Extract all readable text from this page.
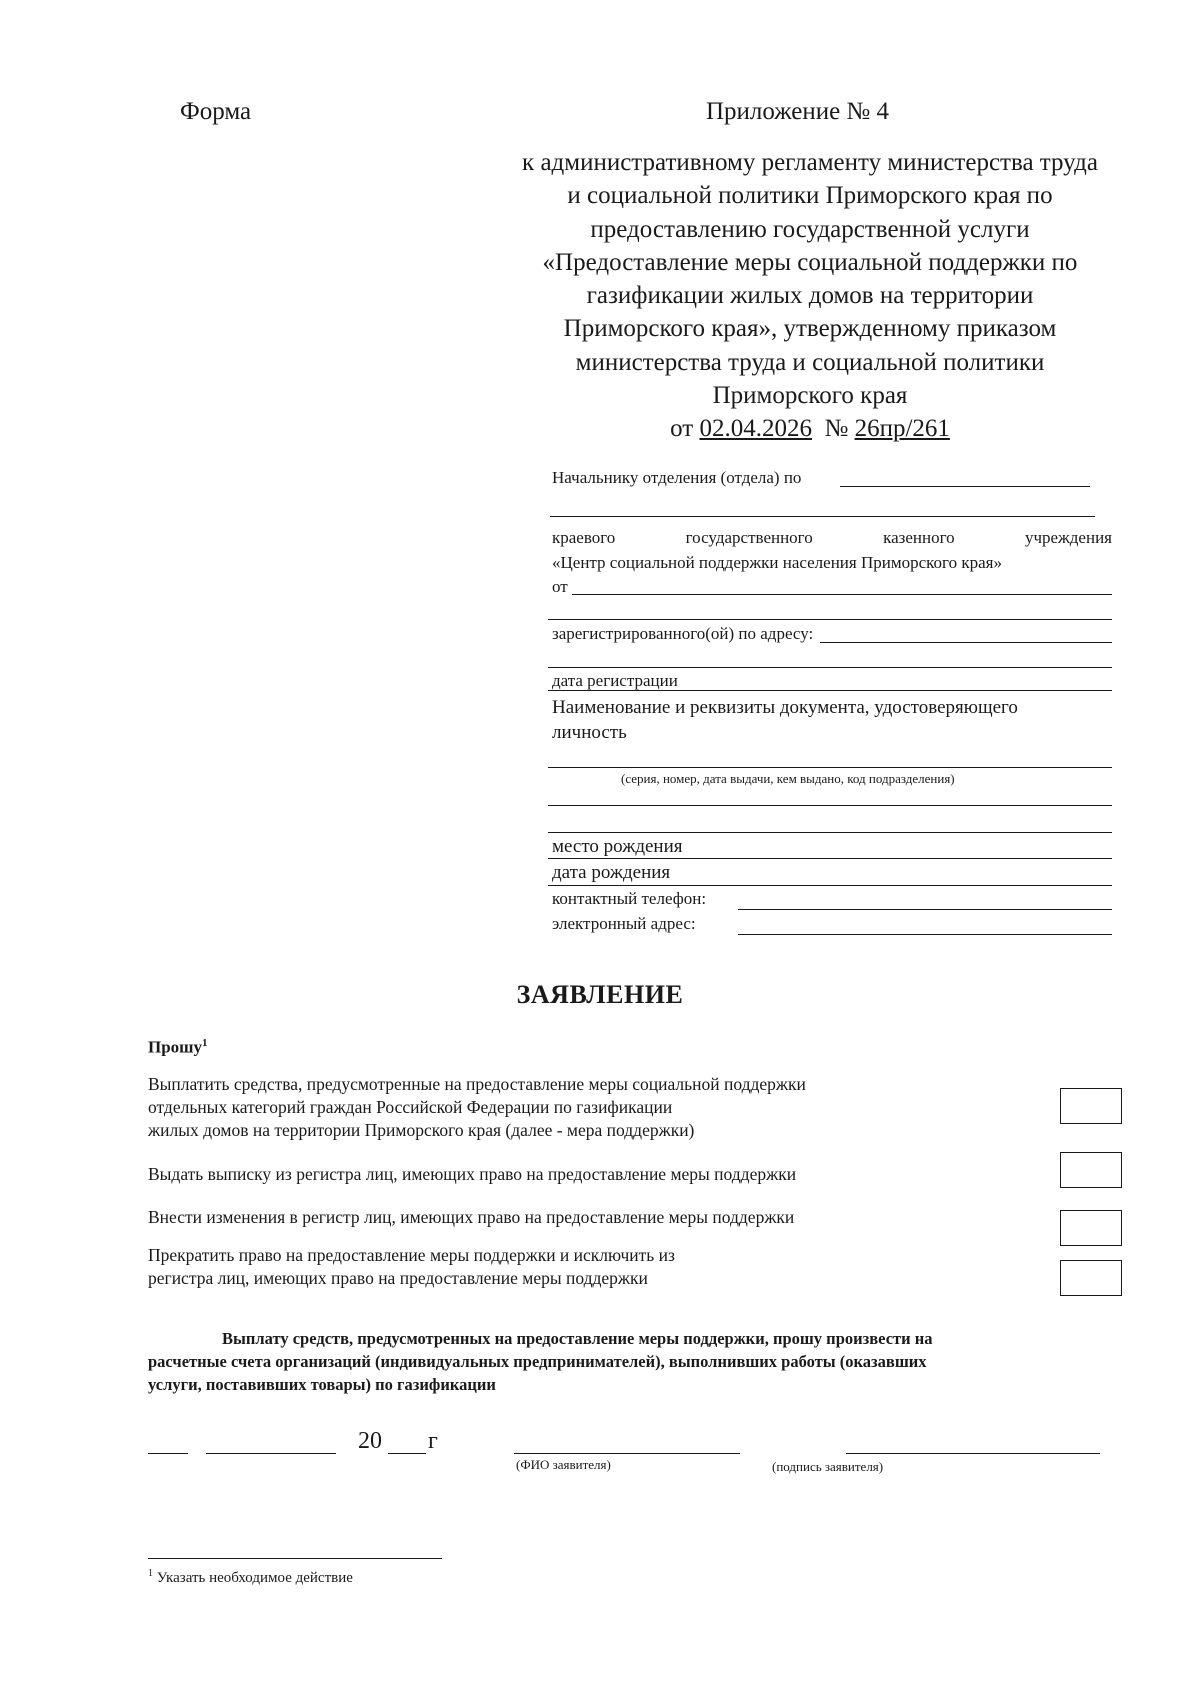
Форма	Приложение № 4
к административному регламенту министерства труда
и социальной политики Приморского края по
предоставлению государственной услуги
«Предоставление меры социальной поддержки по
газификации жилых домов на территории
Приморского края», утвержденному приказом
министерства труда и социальной политики
Приморского края
от 02.04.2026 № 26пр/261
Начальнику отделения (отдела) по
краевого	государственного	казенного	учреждения
«Центр социальной поддержки населения Приморского края»
от
зарегистрированного(ой) по адресу:
дата регистрации
Наименование и реквизиты документа, удостоверяющего
личность
(серия, номер, дата выдачи, кем выдано, код подразделения)
место рождения
дата рождения
контактный телефон:
электронный адрес:
ЗАЯВЛЕНИЕ
Прошу$^1$
Выплатить средства, предусмотренные на предоставление меры социальной поддержки
отдельных категорий граждан Российской Федерации по газификации
жилых домов на территории Приморского края (далее - мера поддержки)
Выдать выписку из регистра лиц, имеющих право на предоставление меры поддержки
Внести изменения в регистр лиц, имеющих право на предоставление меры поддержки
Прекратить право на предоставление меры поддержки и исключить из
регистра лиц, имеющих право на предоставление меры поддержки
Выплату средств, предусмотренных на предоставление меры поддержки, прошу произвести на
расчетные счета организаций (индивидуальных предпринимателей), выполнивших работы (оказавших
услуги, поставивших товары) по газификации
20 г
(ФИО заявителя)	(подпись заявителя)
$^1$ Указать необходимое действие
